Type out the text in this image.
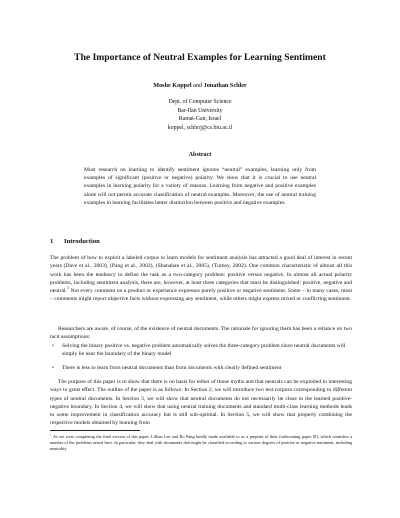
The Importance of Neutral Examples for Learning Sentiment
Moshe Koppel and Jonathan Schler
Dept. of Computer Science
Bar-Ilan University
Ramat-Gan, Israel
koppel, schlerj@cs.biu.ac.il
Abstract
Most research on learning to identify sentiment ignores “neutral” examples, learning only from examples of significant (positive or negative) polarity. We show that it is crucial to use neutral examples in learning polarity for a variety of reasons. Learning from negative and positive examples alone will not permit accurate classification of neutral examples. Moreover, the use of neutral training examples in learning facilitates better distinction between positive and negative examples.
1 Introduction
The problem of how to exploit a labeled corpus to learn models for sentiment analysis has attracted a good deal of interest in recent years (Dave et al., 2003), (Pang et al., 2002), (Shanahan et al., 2005), (Turney, 2002). One common characteristic of almost all this work has been the tendency to define the task as a two-category problem: positive versus negative. In almost all actual polarity problems, including sentiment analysis, there are, however, at least three categories that must be distinguished: positive, negative and neutral.$^1$ Not every comment on a product or experience expresses purely positive or negative sentiment. Some – in many cases, most – comments might report objective facts without expressing any sentiment, while others might express mixed or conflicting sentiment.
Researchers are aware, of course, of the existence of neutral documents. The rationale for ignoring them has been a reliance on two tacit assumptions:
• Solving the binary positive vs. negative problem automatically solves the three-category problem since neutral documents will simply lie near the boundary of the binary model
• There is less to learn from neutral documents than from documents with clearly defined sentiment
The purpose of this paper is to show that there is no basis for either of those myths and that neutrals can be exploited in interesting ways to great effect. The outline of the paper is as follows: In Section 2, we will introduce two test corpora corresponding to different types of neutral documents. In Section 3, we will show that neutral documents do not necessarily lie close to the learned positive-negative boundary. In Section 4, we will show that using neutral training documents and standard multi-class learning methods leads to some improvement in classification accuracy but is still sub-optimal. In Section 5, we will show that properly combining the respective models obtained by learning from
$^1$ As we were completing the final version of this paper, Lillian Lee and Bo Pang kindly made available to us a preprint of their forthcoming paper [8], which considers a number of the problems raised here. In particular, they deal with documents that might be classified according to various degrees of positive or negative sentiment, including neutrality.
